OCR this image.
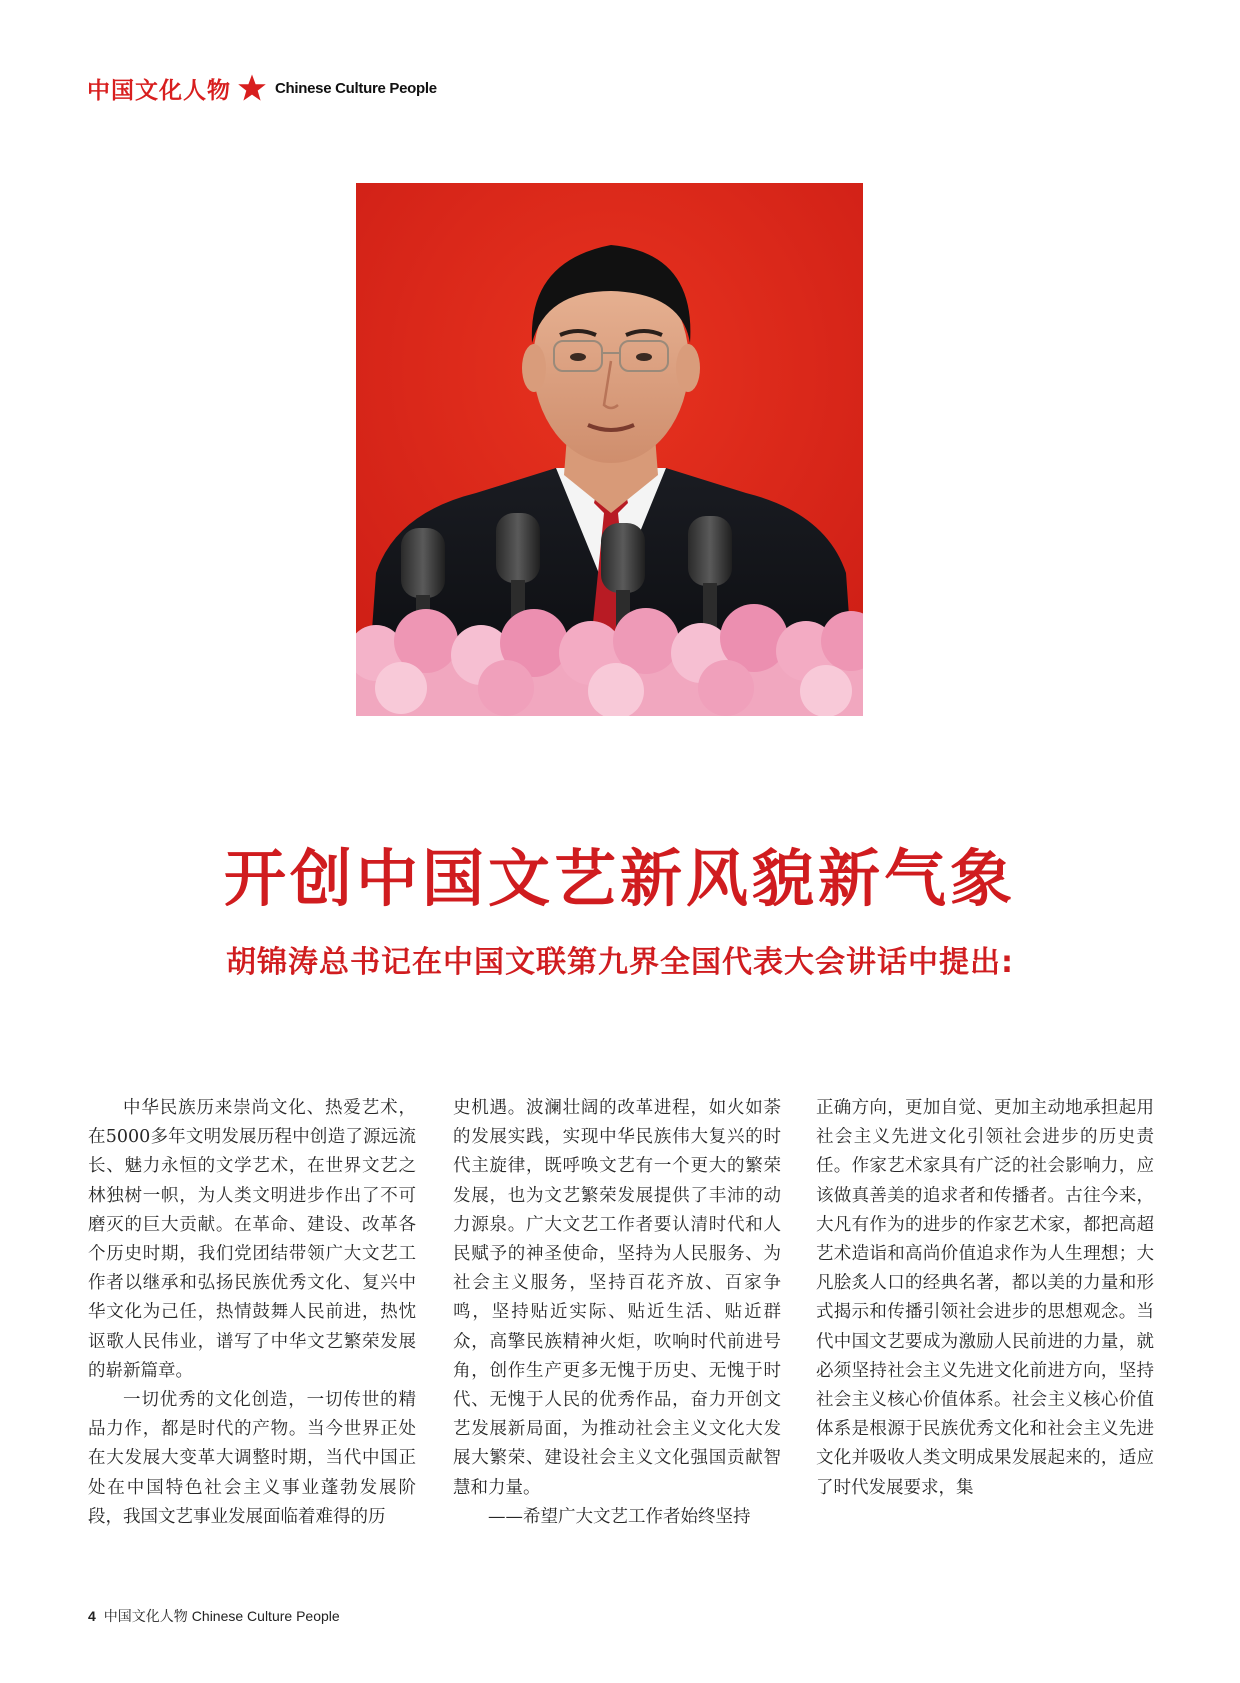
中国文化人物	Chinese Culture People
开创中国文艺新风貌新气象
胡锦涛总书记在中国文联第九界全国代表大会讲话中提出:

中华民族历来崇尚文化、热爱艺术，在5000多年文明发展历程中创造了源远流长、魅力永恒的文学艺术，在世界文艺之林独树一帜，为人类文明进步作出了不可磨灭的巨大贡献。在革命、建设、改革各个历史时期，我们党团结带领广大文艺工作者以继承和弘扬民族优秀文化、复兴中华文化为己任，热情鼓舞人民前进，热忱讴歌人民伟业，谱写了中华文艺繁荣发展的崭新篇章。

一切优秀的文化创造，一切传世的精品力作，都是时代的产物。当今世界正处在大发展大变革大调整时期，当代中国正处在中国特色社会主义事业蓬勃发展阶段，我国文艺事业发展面临着难得的历

史机遇。波澜壮阔的改革进程，如火如荼的发展实践，实现中华民族伟大复兴的时代主旋律，既呼唤文艺有一个更大的繁荣发展，也为文艺繁荣发展提供了丰沛的动力源泉。广大文艺工作者要认清时代和人民赋予的神圣使命，坚持为人民服务、为社会主义服务，坚持百花齐放、百家争鸣，坚持贴近实际、贴近生活、贴近群众，高擎民族精神火炬，吹响时代前进号角，创作生产更多无愧于历史、无愧于时代、无愧于人民的优秀作品，奋力开创文艺发展新局面，为推动社会主义文化大发展大繁荣、建设社会主义文化强国贡献智慧和力量。

——希望广大文艺工作者始终坚持

正确方向，更加自觉、更加主动地承担起用社会主义先进文化引领社会进步的历史责任。作家艺术家具有广泛的社会影响力，应该做真善美的追求者和传播者。古往今来，大凡有作为的进步的作家艺术家，都把高超艺术造诣和高尚价值追求作为人生理想；大凡脍炙人口的经典名著，都以美的力量和形式揭示和传播引领社会进步的思想观念。当代中国文艺要成为激励人民前进的力量，就必须坚持社会主义先进文化前进方向，坚持社会主义核心价值体系。社会主义核心价值体系是根源于民族优秀文化和社会主义先进文化并吸收人类文明成果发展起来的，适应了时代发展要求，集

4 中国文化人物 Chinese Culture People
